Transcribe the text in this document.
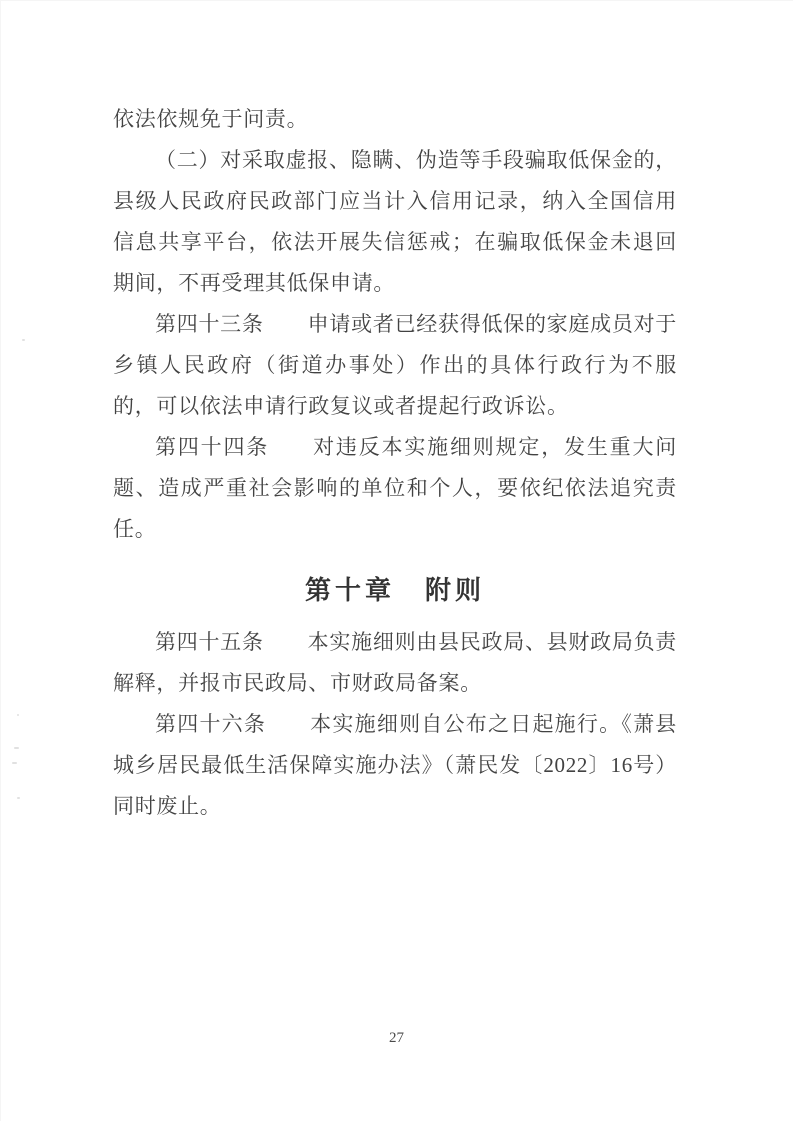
依法依规免于问责。

（二）对采取虚报、隐瞒、伪造等手段骗取低保金的，县级人民政府民政部门应当计入信用记录，纳入全国信用信息共享平台，依法开展失信惩戒；在骗取低保金未退回期间，不再受理其低保申请。

第四十三条 申请或者已经获得低保的家庭成员对于乡镇人民政府（街道办事处）作出的具体行政行为不服的，可以依法申请行政复议或者提起行政诉讼。

第四十四条 对违反本实施细则规定，发生重大问题、造成严重社会影响的单位和个人，要依纪依法追究责任。

第十章　附则

第四十五条 本实施细则由县民政局、县财政局负责解释，并报市民政局、市财政局备案。

第四十六条 本实施细则自公布之日起施行。《萧县城乡居民最低生活保障实施办法》（萧民发〔2022〕16号）同时废止。

27
